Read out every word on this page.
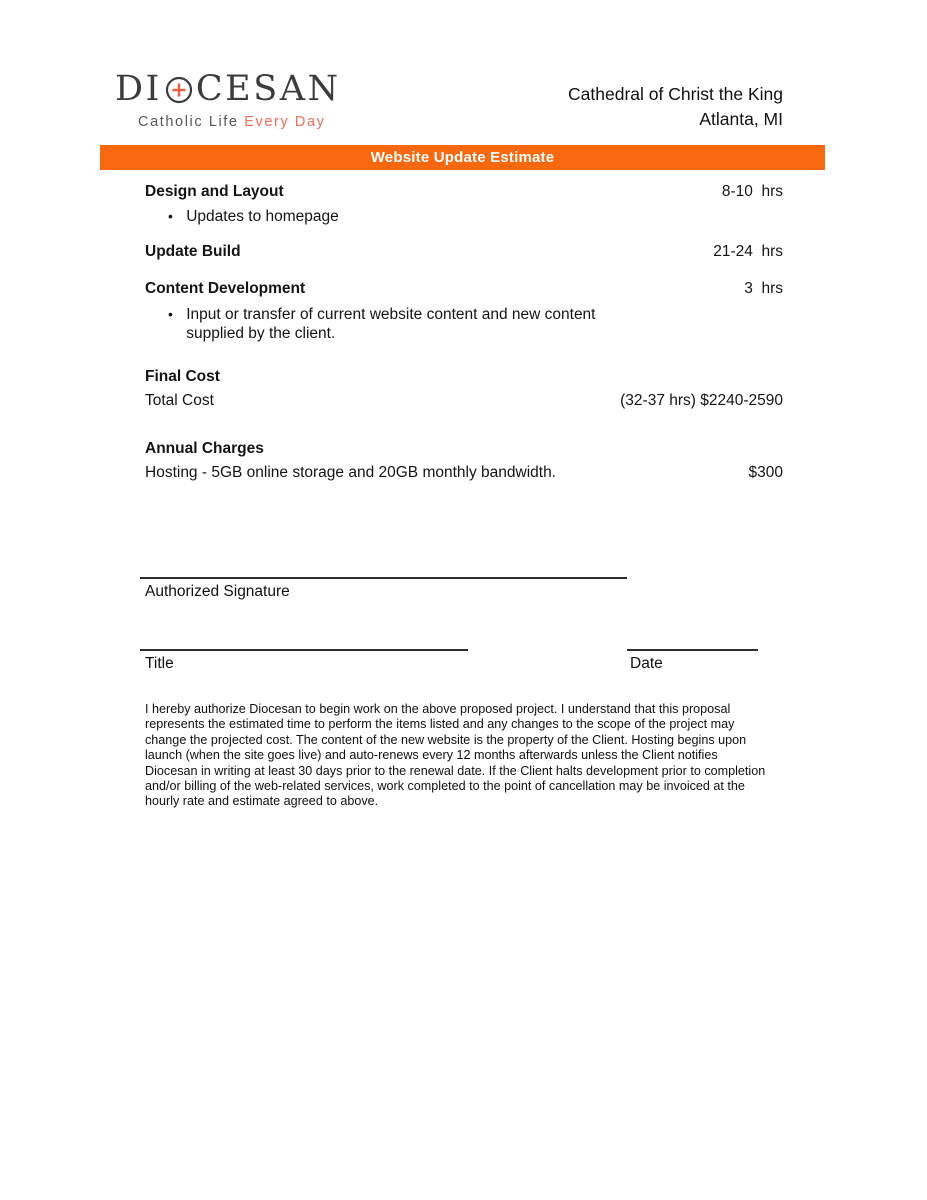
DI CESAN
Catholic Life Every Day
Cathedral of Christ the King
Atlanta, MI
Website Update Estimate
Design and Layout	8-10  hrs
• Updates to homepage
Update Build	21-24  hrs
Content Development	3  hrs
• Input or transfer of current website content and new content supplied by the client.
Final Cost
Total Cost	(32-37 hrs) $2240-2590
Annual Charges
Hosting - 5GB online storage and 20GB monthly bandwidth.	$300
Authorized Signature
Title	Date
I hereby authorize Diocesan to begin work on the above proposed project. I understand that this proposal represents the estimated time to perform the items listed and any changes to the scope of the project may change the projected cost. The content of the new website is the property of the Client. Hosting begins upon launch (when the site goes live) and auto-renews every 12 months afterwards unless the Client notifies Diocesan in writing at least 30 days prior to the renewal date. If the Client halts development prior to completion and/or billing of the web-related services, work completed to the point of cancellation may be invoiced at the hourly rate and estimate agreed to above.
